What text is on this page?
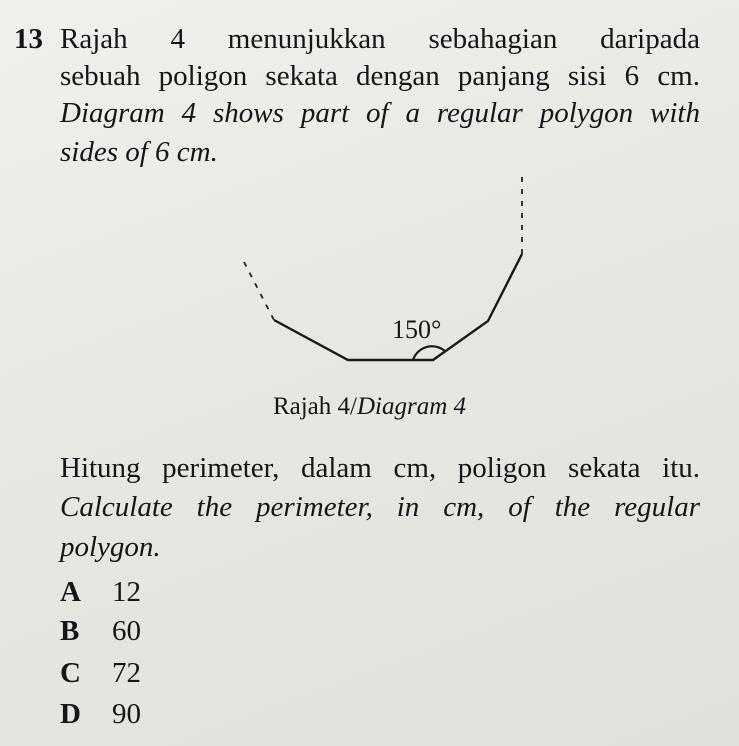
13 Rajah 4 menunjukkan sebahagian daripada
sebuah poligon sekata dengan panjang sisi 6 cm.
Diagram 4 shows part of a regular polygon with
sides of 6 cm.
150°
Rajah 4/Diagram 4
Hitung perimeter, dalam cm, poligon sekata itu.
Calculate the perimeter, in cm, of the regular
polygon.
A 12
B 60
C 72
D 90
